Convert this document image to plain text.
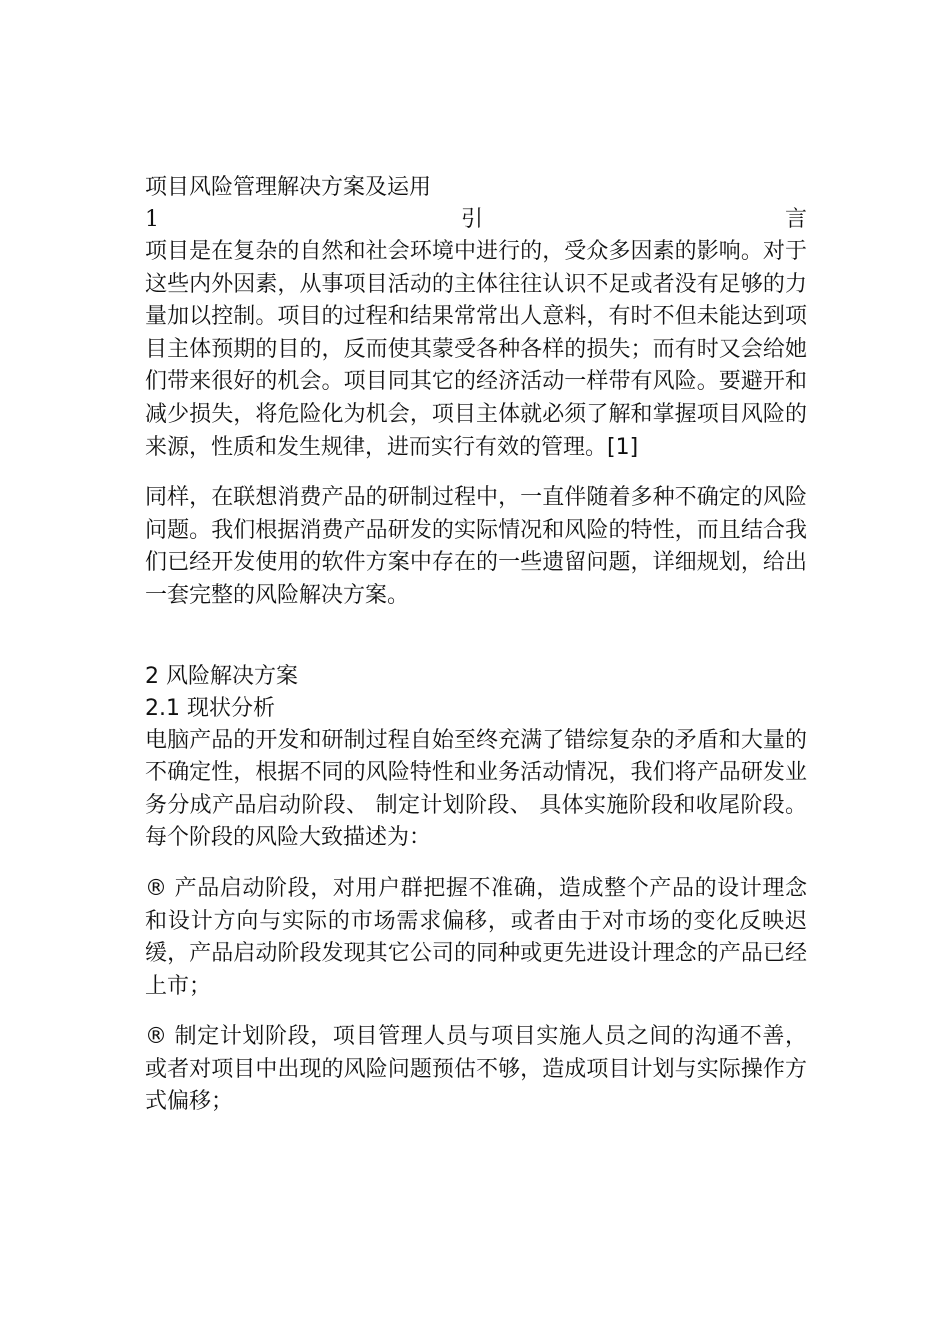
项目风险管理解决方案及运用
1	引	言
项目是在复杂的自然和社会环境中进行的，受众多因素的影响。对于这些内外因素，从事项目活动的主体往往认识不足或者没有足够的力量加以控制。项目的过程和结果常常出人意料，有时不但未能达到项目主体预期的目的，反而使其蒙受各种各样的损失；而有时又会给她们带来很好的机会。项目同其它的经济活动一样带有风险。要避开和减少损失，将危险化为机会，项目主体就必须了解和掌握项目风险的来源，性质和发生规律，进而实行有效的管理。[1]
同样，在联想消费产品的研制过程中，一直伴随着多种不确定的风险问题。我们根据消费产品研发的实际情况和风险的特性，而且结合我们已经开发使用的软件方案中存在的一些遗留问题，详细规划，给出一套完整的风险解决方案。
2 风险解决方案
2.1 现状分析
电脑产品的开发和研制过程自始至终充满了错综复杂的矛盾和大量的不确定性，根据不同的风险特性和业务活动情况，我们将产品研发业务分成产品启动阶段、 制定计划阶段、 具体实施阶段和收尾阶段。每个阶段的风险大致描述为：
® 产品启动阶段，对用户群把握不准确，造成整个产品的设计理念和设计方向与实际的市场需求偏移，或者由于对市场的变化反映迟缓，产品启动阶段发现其它公司的同种或更先进设计理念的产品已经上市；
® 制定计划阶段，项目管理人员与项目实施人员之间的沟通不善，或者对项目中出现的风险问题预估不够，造成项目计划与实际操作方式偏移；
